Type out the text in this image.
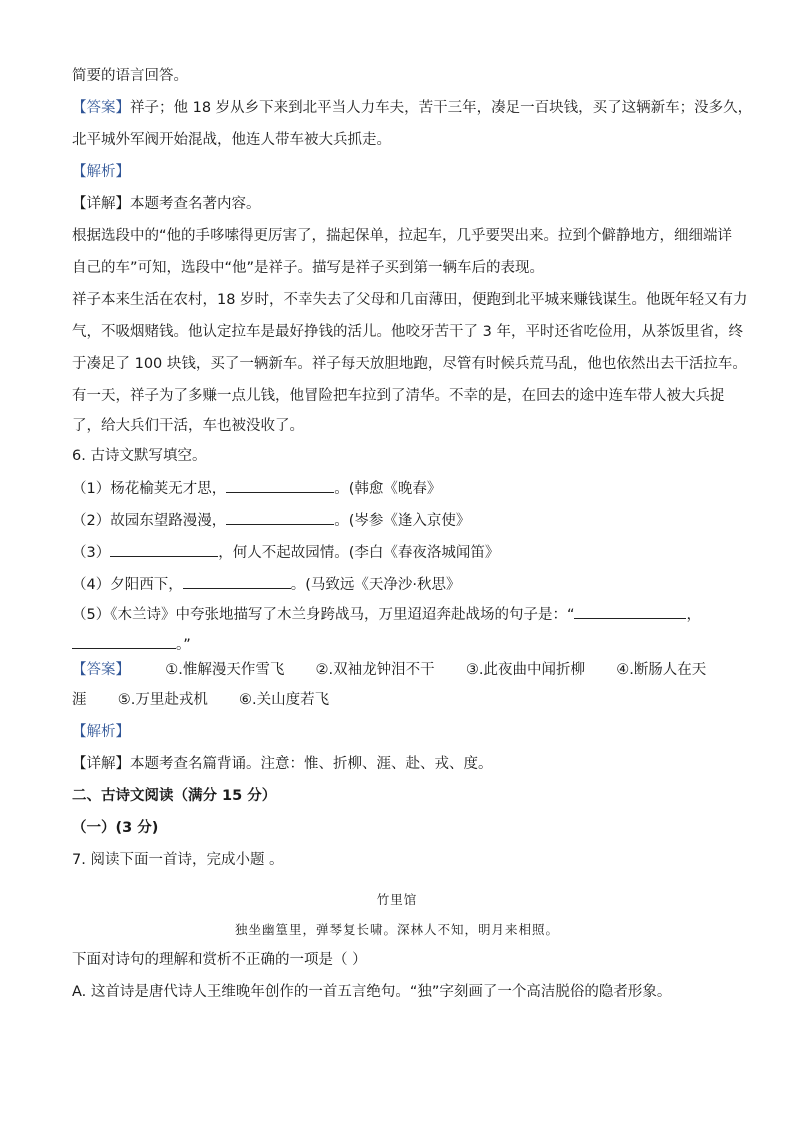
简要的语言回答。
【答案】祥子；他 18 岁从乡下来到北平当人力车夫，苦干三年，凑足一百块钱，买了这辆新车；没多久，
北平城外军阀开始混战，他连人带车被大兵抓走。
【解析】
【详解】本题考查名著内容。
根据选段中的“他的手哆嗦得更厉害了，揣起保单，拉起车，几乎要哭出来。拉到个僻静地方，细细端详
自己的车”可知，选段中“他”是祥子。描写是祥子买到第一辆车后的表现。
祥子本来生活在农村，18 岁时，不幸失去了父母和几亩薄田，便跑到北平城来赚钱谋生。他既年轻又有力
气，不吸烟赌钱。他认定拉车是最好挣钱的活儿。他咬牙苦干了 3 年，平时还省吃俭用，从茶饭里省，终
于凑足了 100 块钱，买了一辆新车。祥子每天放胆地跑，尽管有时候兵荒马乱，他也依然出去干活拉车。
有一天，祥子为了多赚一点儿钱，他冒险把车拉到了清华。不幸的是，在回去的途中连车带人被大兵捉
了，给大兵们干活，车也被没收了。
6. 古诗文默写填空。
（1）杨花榆荚无才思，	。(韩愈《晚春》
（2）故园东望路漫漫，	。(岑参《逢入京使》
（3）	，何人不起故园情。(李白《春夜洛城闻笛》
（4）夕阳西下，	。(马致远《天净沙·秋思》
（5）《木兰诗》中夸张地描写了木兰身跨战马，万里迢迢奔赴战场的句子是：“	，
。”
【答案】 ①.惟解漫天作雪飞 ②.双袖龙钟泪不干 ③.此夜曲中闻折柳 ④.断肠人在天
涯 ⑤.万里赴戎机 ⑥.关山度若飞
【解析】
【详解】本题考查名篇背诵。注意：惟、折柳、涯、赴、戎、度。
二、古诗文阅读（满分 15 分）
（一）(3 分)
7. 阅读下面一首诗，完成小题 。
竹里馆
独坐幽篁里，弹琴复长啸。深林人不知，明月来相照。
下面对诗句的理解和赏析不正确的一项是（ ）
A. 这首诗是唐代诗人王维晚年创作的一首五言绝句。“独”字刻画了一个高洁脱俗的隐者形象。
